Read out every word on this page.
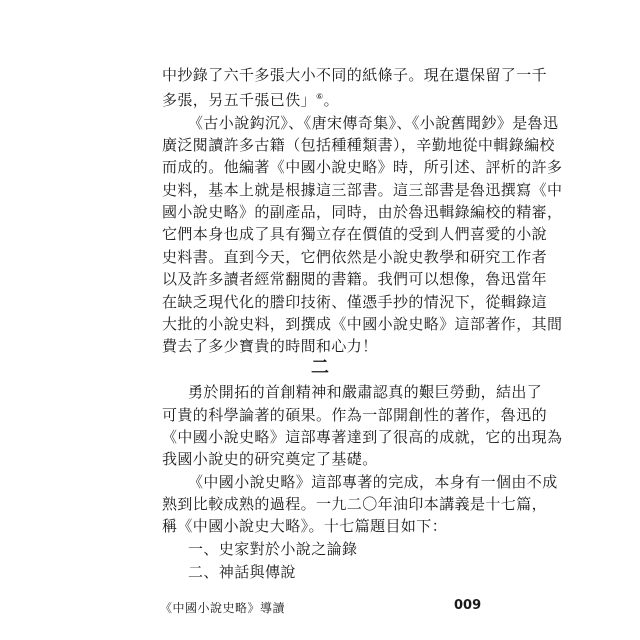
中抄錄了六千多張大小不同的紙條子。現在還保留了一千
多張，另五千張已佚」⑥。
《古小說鈎沉》、《唐宋傳奇集》、《小說舊聞鈔》是魯迅
廣泛閱讀許多古籍（包括種種類書），辛勤地從中輯錄編校
而成的。他編著《中國小說史略》時，所引述、評析的許多
史料，基本上就是根據這三部書。這三部書是魯迅撰寫《中
國小說史略》的副產品，同時，由於魯迅輯錄編校的精審，
它們本身也成了具有獨立存在價值的受到人們喜愛的小說
史料書。直到今天，它們依然是小說史教學和研究工作者
以及許多讀者經常翻閱的書籍。我們可以想像，魯迅當年
在缺乏現代化的謄印技術、僅憑手抄的情況下，從輯錄這
大批的小說史料，到撰成《中國小說史略》這部著作，其間
費去了多少寶貴的時間和心力！
二
勇於開拓的首創精神和嚴肅認真的艱巨勞動，結出了
可貴的科學論著的碩果。作為一部開創性的著作，魯迅的
《中國小說史略》這部專著達到了很高的成就，它的出現為
我國小說史的研究奠定了基礎。
《中國小說史略》這部專著的完成，本身有一個由不成
熟到比較成熟的過程。一九二〇年油印本講義是十七篇，
稱《中國小說史大略》。十七篇題目如下：
一、史家對於小說之論錄
二、神話與傳說
《中國小說史略》導讀	009
